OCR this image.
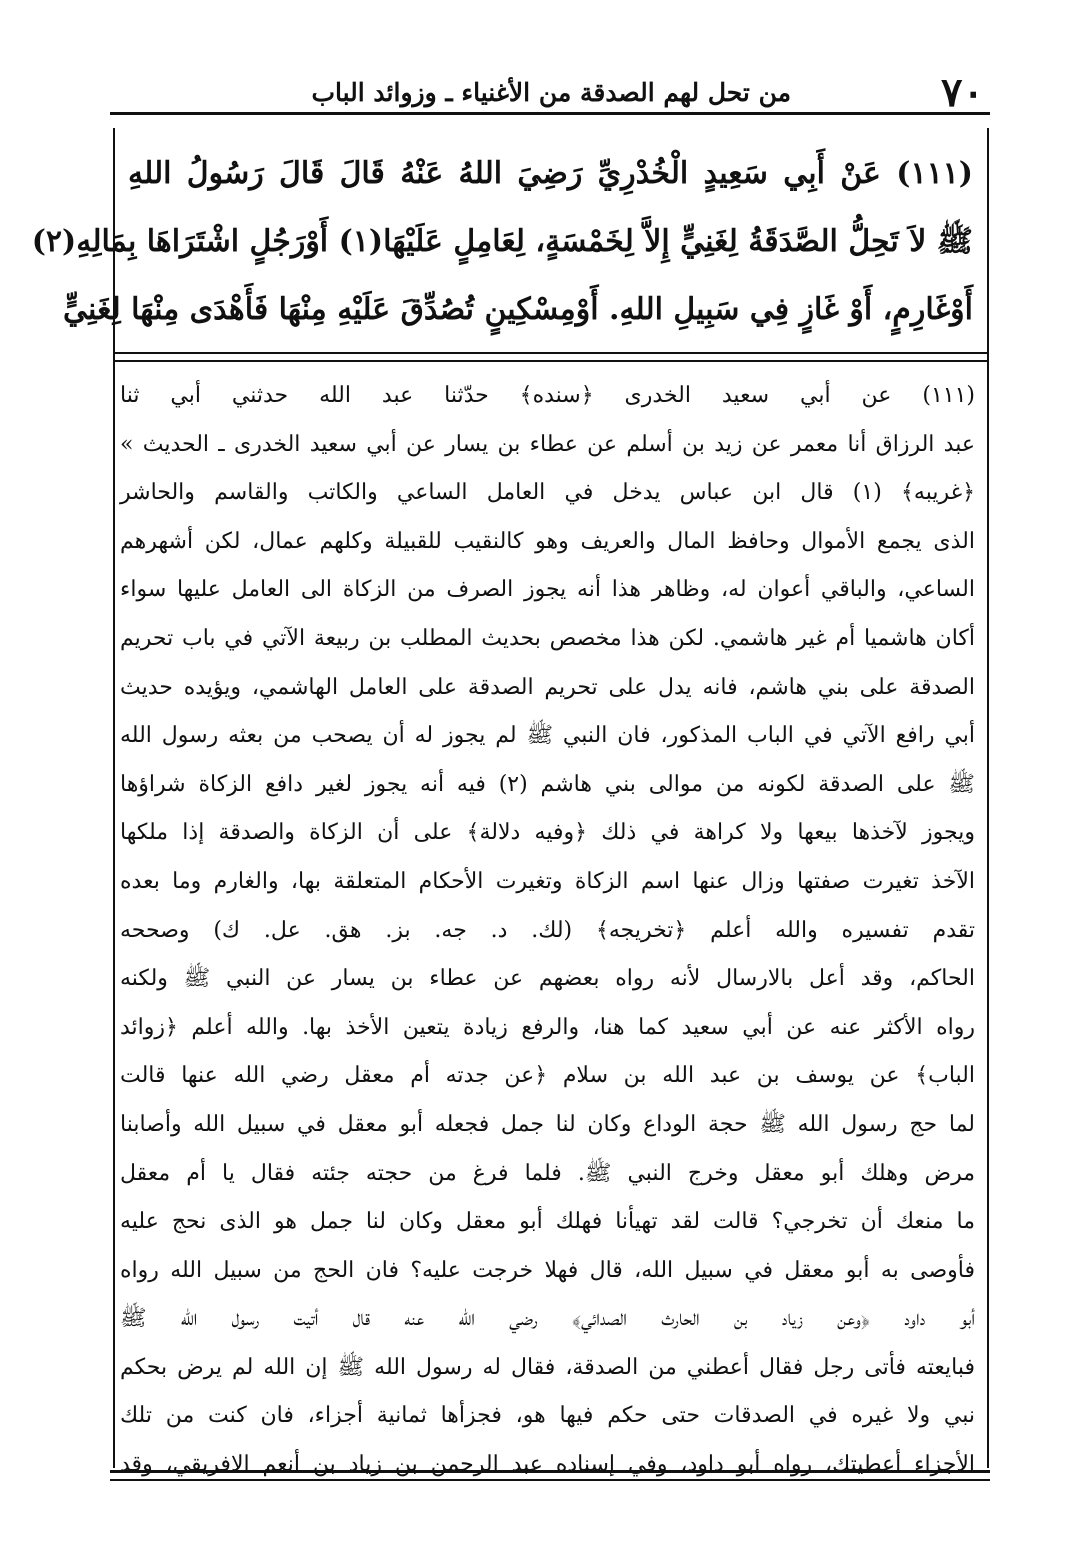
٧٠
من تحل لهم الصدقة من الأغنياء ـ وزوائد الباب
(١١١) عَنْ أَبِي سَعِيدٍ الْخُدْرِيِّ رَضِيَ اللهُ عَنْهُ قَالَ قَالَ رَسُولُ اللهِ
ﷺ لاَ تَحِلُّ الصَّدَقَةُ لِغَنِيٍّ إِلاَّ لِخَمْسَةٍ، لِعَامِلٍ عَلَيْهَا(١) أَوْرَجُلٍ اشْتَرَاهَا بِمَالِهِ(٢)
أَوْغَارِمٍ، أَوْ غَازٍ فِي سَبِيلِ اللهِ. أَوْمِسْكِينٍ تُصُدِّقَ عَلَيْهِ مِنْهَا فَأَهْدَى مِنْهَا لِغَنِيٍّ
(١١١) عن أبي سعيد الخدرى ﴿سنده﴾ حدّثنا عبد الله حدثني أبي ثنا
عبد الرزاق أنا معمر عن زيد بن أسلم عن عطاء بن يسار عن أبي سعيد الخدرى ـ الحديث »
﴿غريبه﴾ (١) قال ابن عباس يدخل في العامل الساعي والكاتب والقاسم والحاشر
الذى يجمع الأموال وحافظ المال والعريف وهو كالنقيب للقبيلة وكلهم عمال، لكن أشهرهم
الساعي، والباقي أعوان له، وظاهر هذا أنه يجوز الصرف من الزكاة الى العامل عليها سواء
أكان هاشميا أم غير هاشمي. لكن هذا مخصص بحديث المطلب بن ربيعة الآتي في باب تحريم
الصدقة على بني هاشم، فانه يدل على تحريم الصدقة على العامل الهاشمي، ويؤيده حديث
أبي رافع الآتي في الباب المذكور، فان النبي ﷺ لم يجوز له أن يصحب من بعثه رسول الله
ﷺ على الصدقة لكونه من موالى بني هاشم (٢) فيه أنه يجوز لغير دافع الزكاة شراؤها
ويجوز لآخذها بيعها ولا كراهة في ذلك ﴿وفيه دلالة﴾ على أن الزكاة والصدقة إذا ملكها
الآخذ تغيرت صفتها وزال عنها اسم الزكاة وتغيرت الأحكام المتعلقة بها، والغارم وما بعده
تقدم تفسيره والله أعلم ﴿تخريجه﴾ (لك. د. جه. بز. هق. عل. ك) وصححه
الحاكم، وقد أعل بالارسال لأنه رواه بعضهم عن عطاء بن يسار عن النبي ﷺ ولكنه
رواه الأكثر عنه عن أبي سعيد كما هنا، والرفع زيادة يتعين الأخذ بها. والله أعلم ﴿زوائد
الباب﴾ عن يوسف بن عبد الله بن سلام ﴿عن جدته أم معقل رضي الله عنها قالت
لما حج رسول الله ﷺ حجة الوداع وكان لنا جمل فجعله أبو معقل في سبيل الله وأصابنا
مرض وهلك أبو معقل وخرج النبي ﷺ. فلما فرغ من حجته جئته فقال يا أم معقل
ما منعك أن تخرجي؟ قالت لقد تهيأنا فهلك أبو معقل وكان لنا جمل هو الذى نحج عليه
فأوصى به أبو معقل في سبيل الله، قال فهلا خرجت عليه؟ فان الحج من سبيل الله رواه
أبو داود ﴿وعن زياد بن الحارث الصدائي﴾ رضي الله عنه قال أتيت رسول الله ﷺ
فبايعته فأتى رجل فقال أعطني من الصدقة، فقال له رسول الله ﷺ إن الله لم يرض بحكم
نبي ولا غيره في الصدقات حتى حكم فيها هو، فجزأها ثمانية أجزاء، فان كنت من تلك
الأجزاء أعطيتك، رواه أبو داود، وفي إسناده عبد الرحمن بن زياد بن أنعم الافريقي، وقد
